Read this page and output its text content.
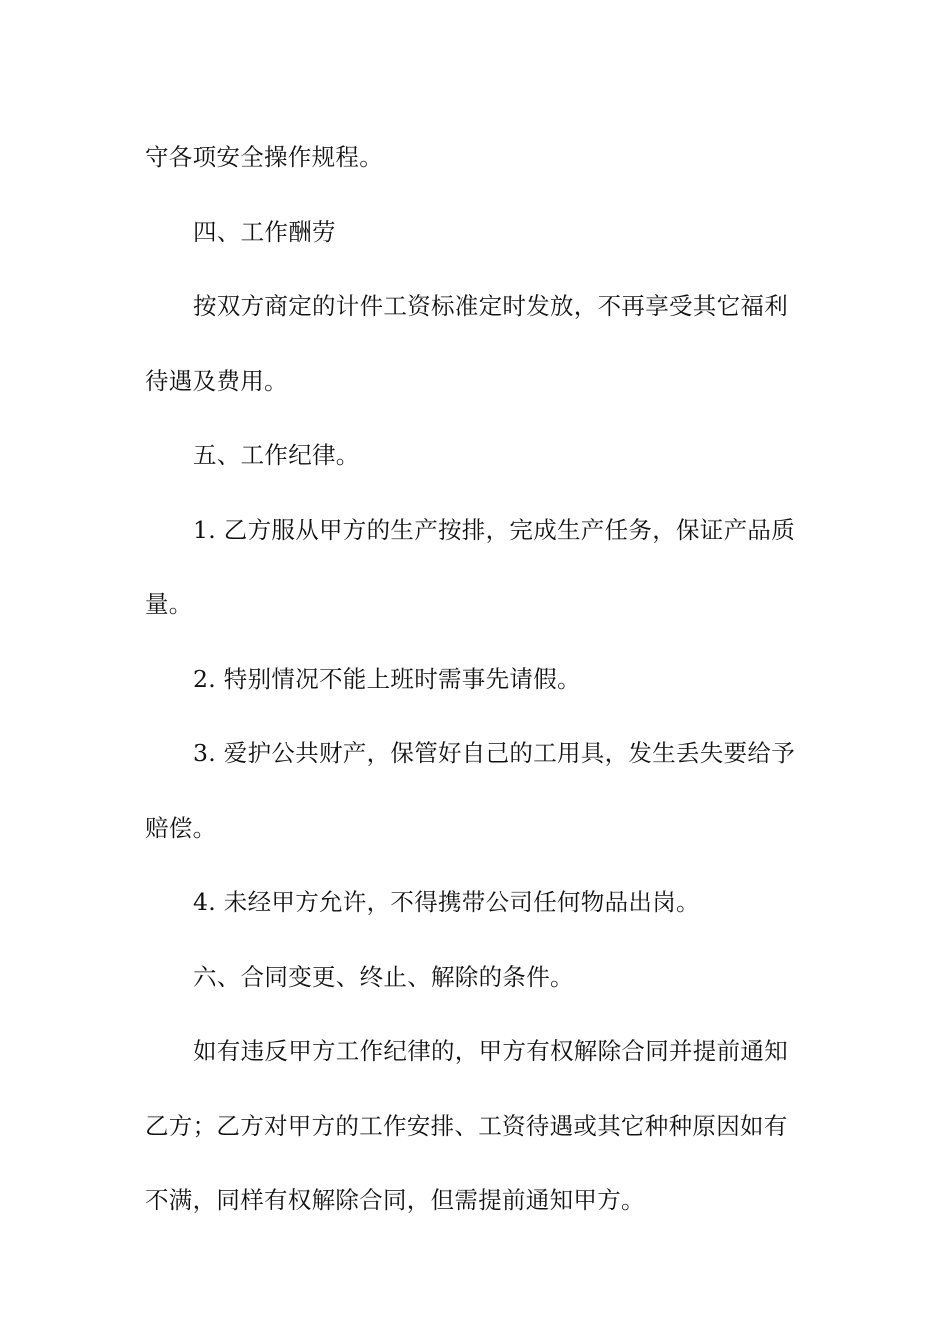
守各项安全操作规程。
四、工作酬劳
按双方商定的计件工资标准定时发放，不再享受其它福利
待遇及费用。
五、工作纪律。
1. 乙方服从甲方的生产按排，完成生产任务，保证产品质
量。
2. 特别情况不能上班时需事先请假。
3. 爱护公共财产，保管好自己的工用具，发生丢失要给予
赔偿。
4. 未经甲方允许，不得携带公司任何物品出岗。
六、合同变更、终止、解除的条件。
如有违反甲方工作纪律的，甲方有权解除合同并提前通知
乙方；乙方对甲方的工作安排、工资待遇或其它种种原因如有
不满，同样有权解除合同，但需提前通知甲方。
